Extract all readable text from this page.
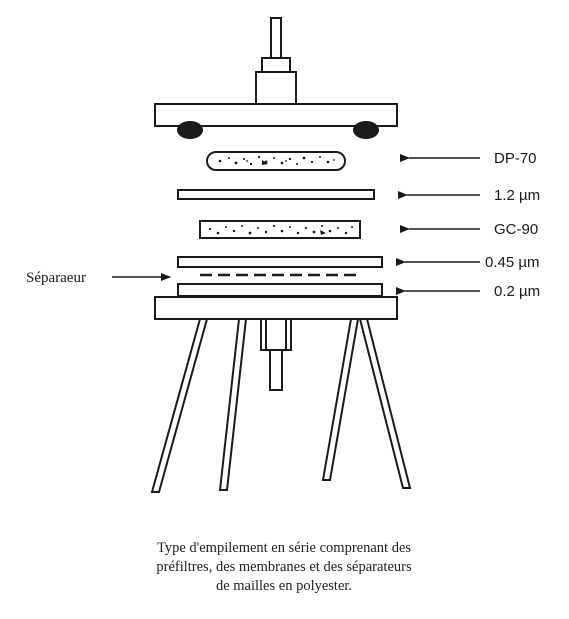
DP-70
1.2 µm
GC-90
0.45 µm
0.2 µm
Séparaeur
Type d'empilement en série comprenant des
préfiltres, des membranes et des séparateurs
de mailles en polyester.
